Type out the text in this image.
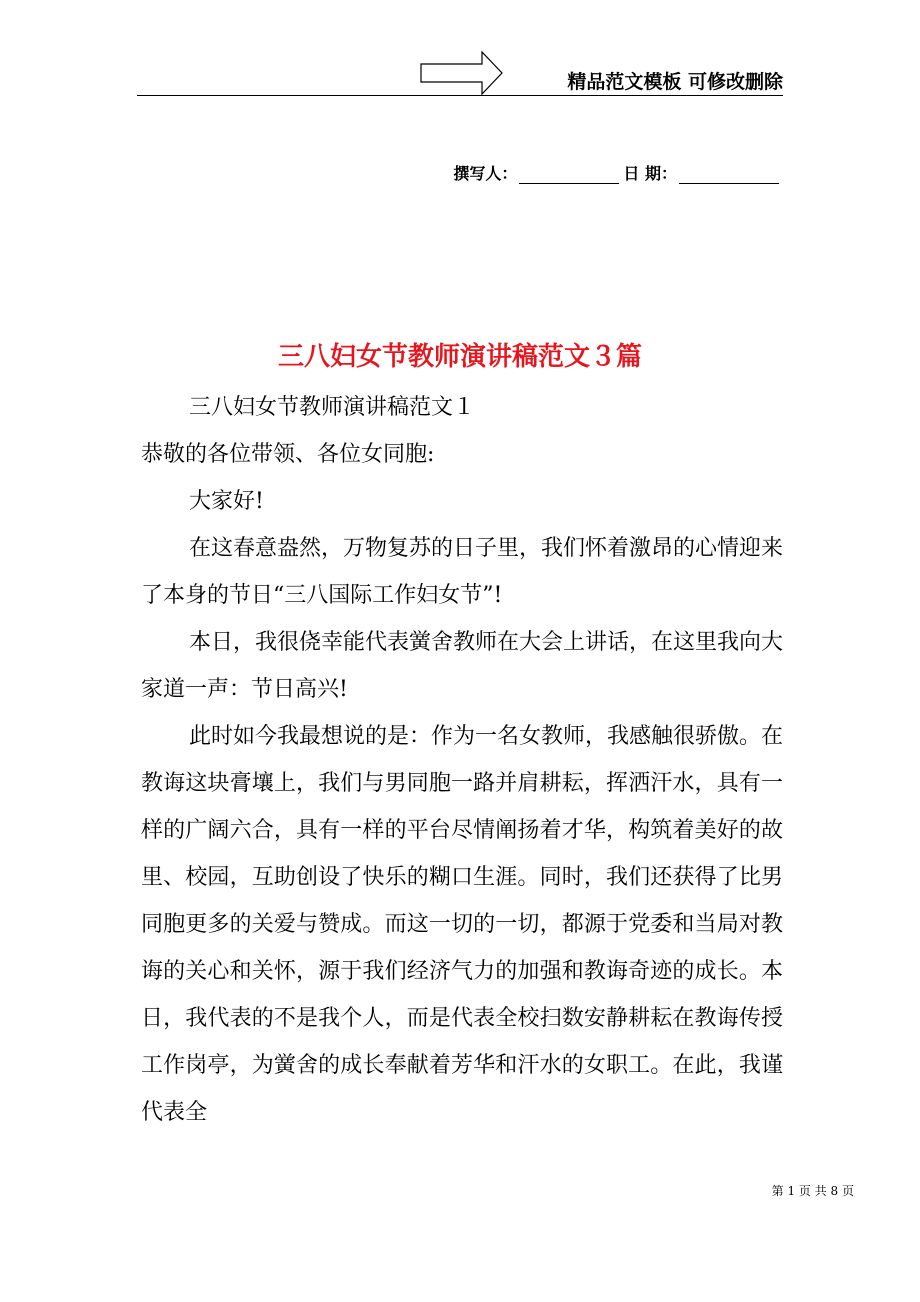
精品范文模板 可修改删除
撰写人：	日 期：
三八妇女节教师演讲稿范文３篇

三八妇女节教师演讲稿范文１

恭敬的各位带领、各位女同胞:

大家好!

在这春意盎然，万物复苏的日子里，我们怀着激昂的心情迎来了本身的节日“三八国际工作妇女节”!

本日，我很侥幸能代表黉舍教师在大会上讲话，在这里我向大家道一声：节日高兴!

此时如今我最想说的是：作为一名女教师，我感触很骄傲。在教诲这块膏壤上，我们与男同胞一路并肩耕耘，挥洒汗水，具有一样的广阔六合，具有一样的平台尽情阐扬着才华，构筑着美好的故里、校园，互助创设了快乐的糊口生涯。同时，我们还获得了比男同胞更多的关爱与赞成。而这一切的一切，都源于党委和当局对教诲的关心和关怀，源于我们经济气力的加强和教诲奇迹的成长。本日，我代表的不是我个人，而是代表全校扫数安静耕耘在教诲传授工作岗亭，为黉舍的成长奉献着芳华和汗水的女职工。在此，我谨代表全

第 1 页 共 8 页
